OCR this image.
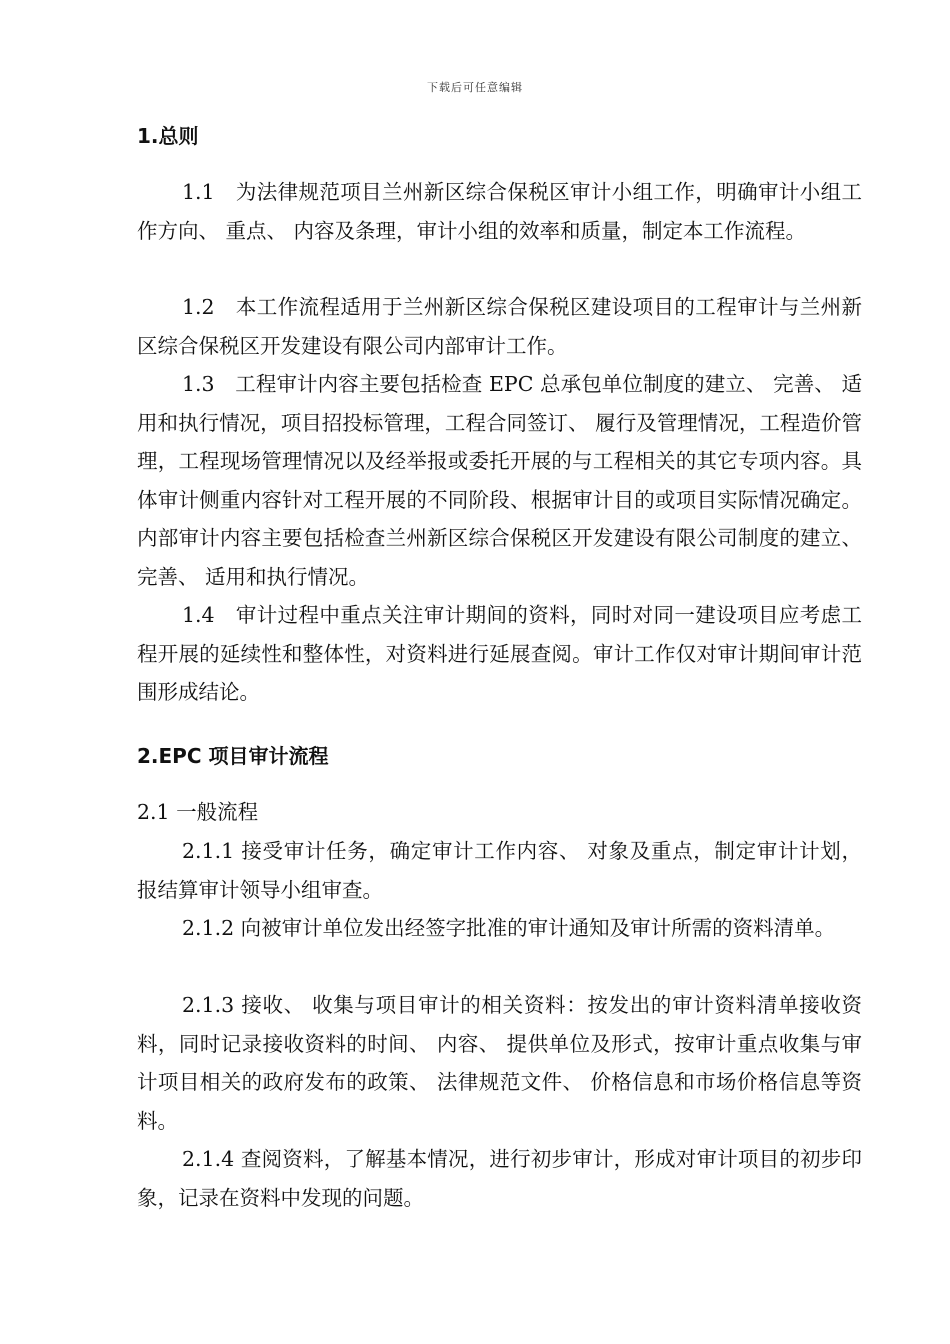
下载后可任意编辑
1.总则

1.1　为法律规范项目兰州新区综合保税区审计小组工作，明确审计小组工作方向、 重点、 内容及条理，审计小组的效率和质量，制定本工作流程。

1.2　本工作流程适用于兰州新区综合保税区建设项目的工程审计与兰州新区综合保税区开发建设有限公司内部审计工作。

1.3　工程审计内容主要包括检查 EPC 总承包单位制度的建立、 完善、 适用和执行情况，项目招投标管理，工程合同签订、 履行及管理情况，工程造价管理，工程现场管理情况以及经举报或委托开展的与工程相关的其它专项内容。具体审计侧重内容针对工程开展的不同阶段、根据审计目的或项目实际情况确定。内部审计内容主要包括检查兰州新区综合保税区开发建设有限公司制度的建立、 完善、 适用和执行情况。

1.4　审计过程中重点关注审计期间的资料，同时对同一建设项目应考虑工程开展的延续性和整体性，对资料进行延展查阅。审计工作仅对审计期间审计范围形成结论。

2.EPC 项目审计流程
2.1 一般流程

2.1.1 接受审计任务，确定审计工作内容、 对象及重点，制定审计计划，报结算审计领导小组审查。

2.1.2 向被审计单位发出经签字批准的审计通知及审计所需的资料清单。

2.1.3 接收、 收集与项目审计的相关资料：按发出的审计资料清单接收资料，同时记录接收资料的时间、 内容、 提供单位及形式，按审计重点收集与审计项目相关的政府发布的政策、 法律规范文件、 价格信息和市场价格信息等资料。

2.1.4 查阅资料，了解基本情况，进行初步审计，形成对审计项目的初步印象，记录在资料中发现的问题。
